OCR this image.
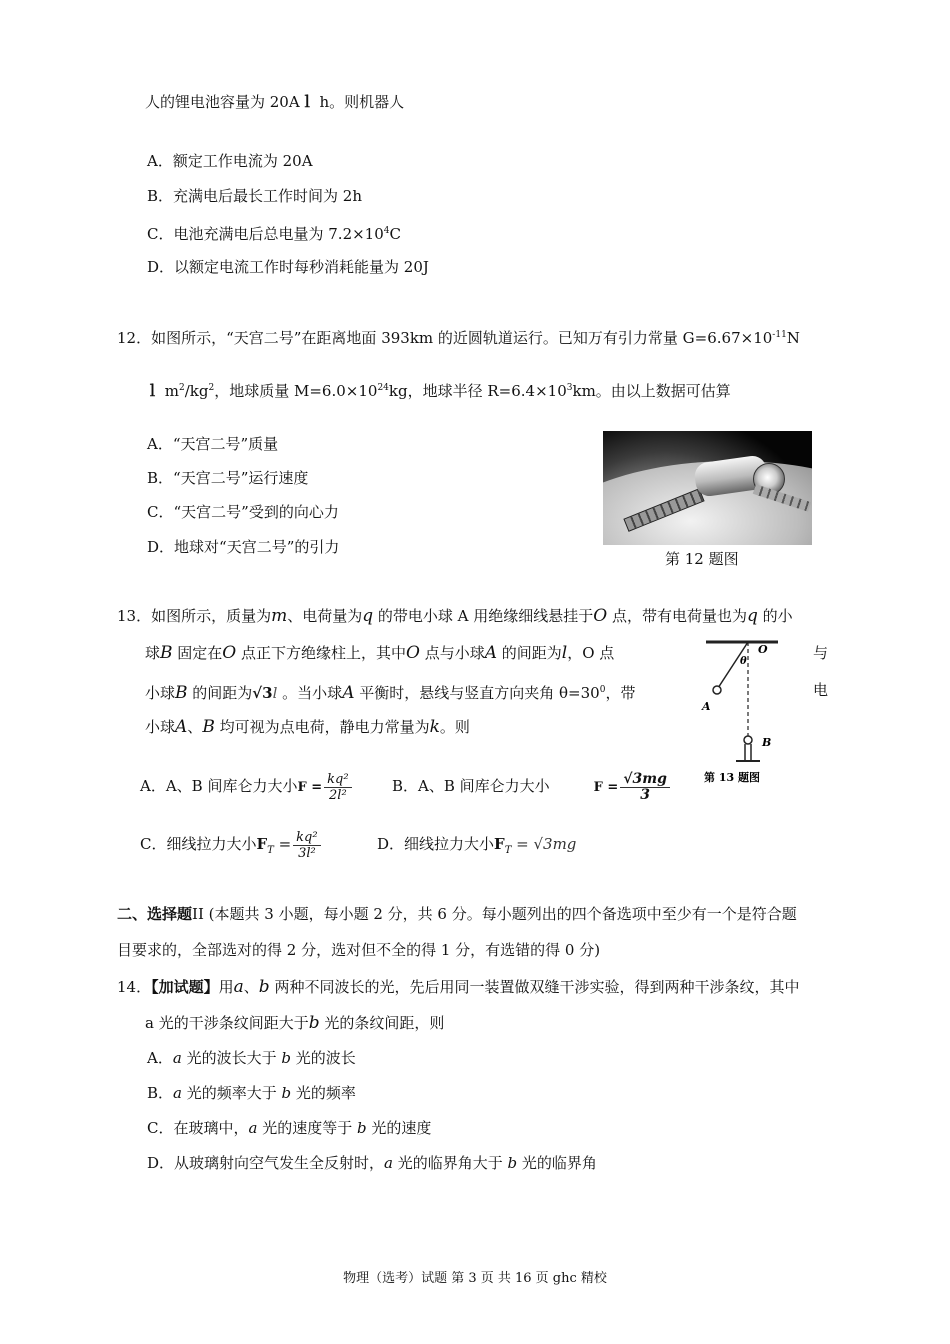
人的锂电池容量为 20Aｌ h。则机器人
A．额定工作电流为 20A
B．充满电后最长工作时间为 2h
C．电池充满电后总电量为 $7.2\times 10^4C$
D．以额定电流工作时每秒消耗能量为 20J
12．如图所示，“天宫二号”在距离地面 393km 的近圆轨道运行。已知万有引力常量 $G=6.67\times 10^{-11}N$
ｌ $m^2/kg^2$，地球质量 $M=6.0\times 10^{24}kg$，地球半径 $R=6.4\times 10^3km$。由以上数据可估算
A．“天宫二号”质量
B．“天宫二号”运行速度
C．“天宫二号”受到的向心力
D．地球对“天宫二号”的引力
第 12 题图
13．如图所示，质量为m、电荷量为q 的带电小球 A 用绝缘细线悬挂于O 点，带有电荷量也为q 的小
球B 固定在O 点正下方绝缘柱上，其中O 点与小球A 的间距为l，O 点	与
小球B 的间距为√3l 。当小球A 平衡时，悬线与竖直方向夹角 $\theta=30^0$，带	电
小球A、B 均可视为点电荷，静电力常量为k。则
O
θ
A
B
第 13 题图
A．A、B 间库仑力大小$F = \frac{\text{kq²}}{\text{2l²}}$	B．A、B 间库仑力大小	$F = \frac{√3mg}{3}$
C．细线拉力大小$F_T = \frac{\text{kq²}}{\text{3l²}}$	D．细线拉力大小$F_T = √3mg$
二、选择题II (本题共 3 小题，每小题 2 分，共 6 分。每小题列出的四个备选项中至少有一个是符合题
目要求的，全部选对的得 2 分，选对但不全的得 1 分，有选错的得 0 分)
14．【加试题】用a、b 两种不同波长的光，先后用同一装置做双缝干涉实验，得到两种干涉条纹，其中
a 光的干涉条纹间距大于b 光的条纹间距，则
A．a 光的波长大于 b 光的波长
B．a 光的频率大于 b 光的频率
C．在玻璃中，a 光的速度等于 b 光的速度
D．从玻璃射向空气发生全反射时，a 光的临界角大于 b 光的临界角
物理（选考）试题 第 3 页 共 16 页 ghc 精校
